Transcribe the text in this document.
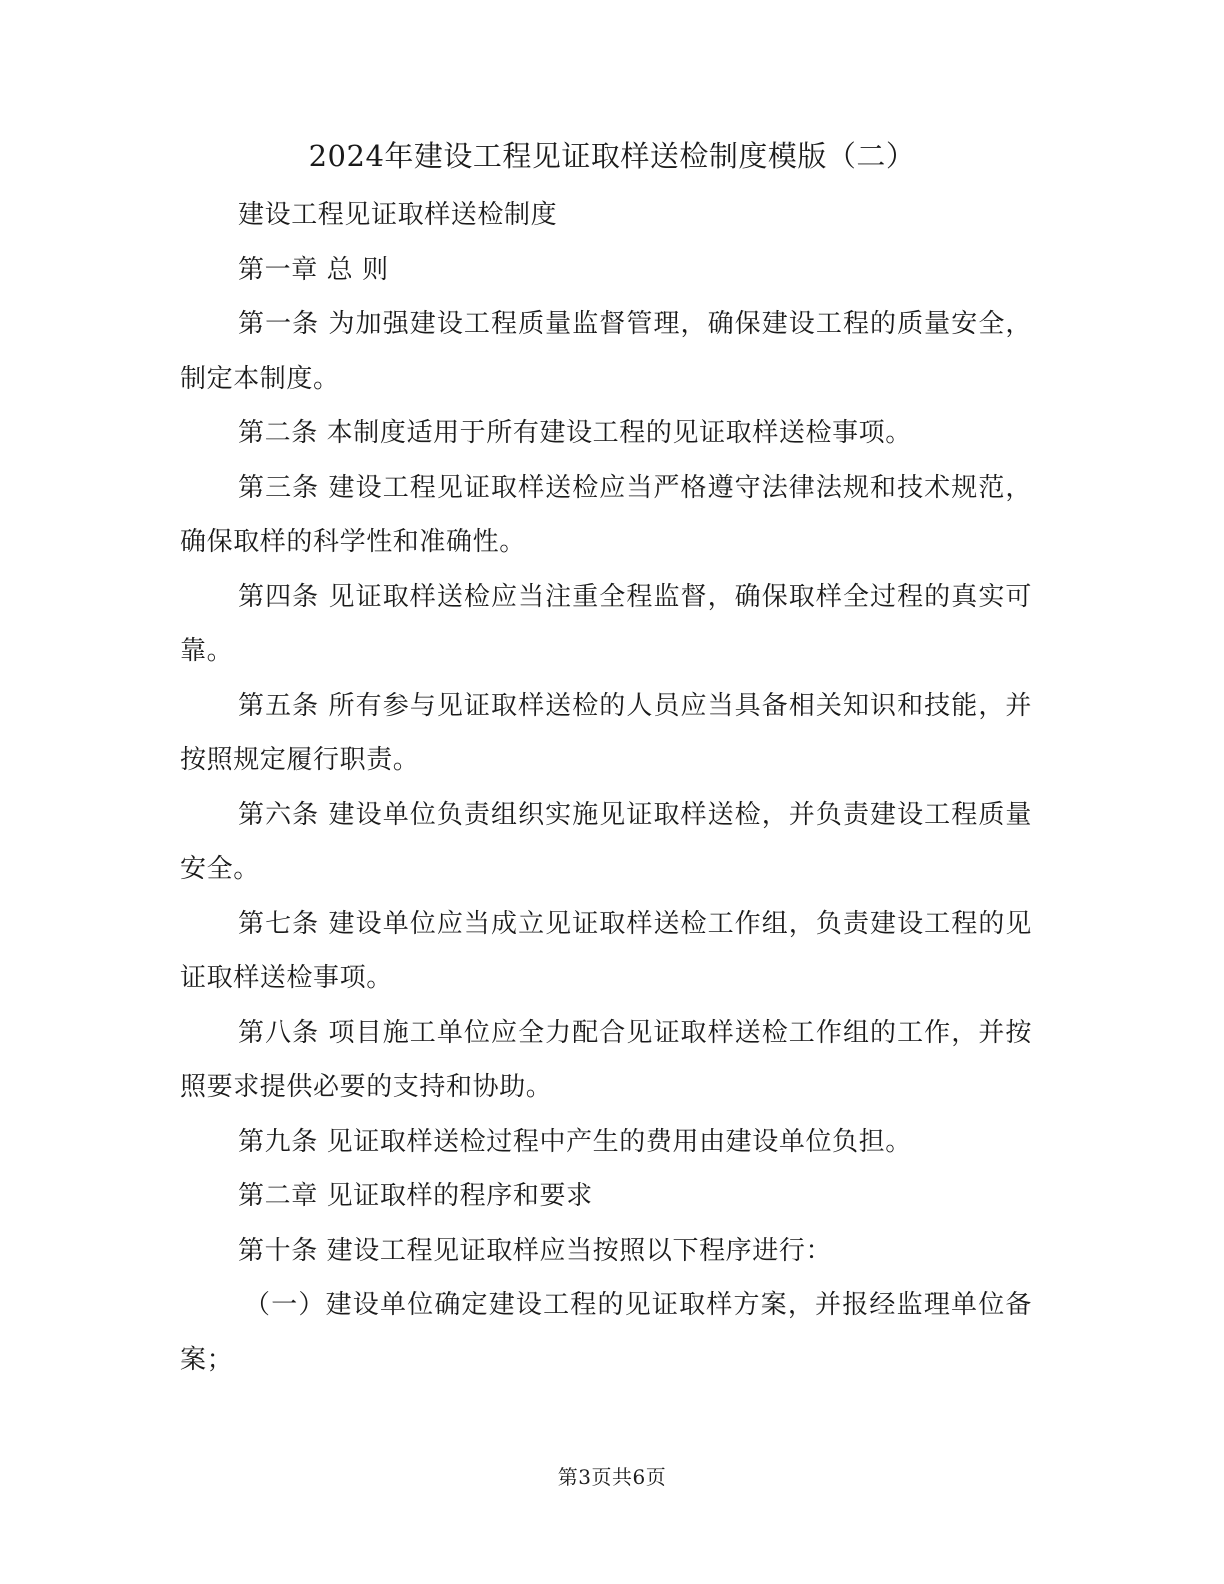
2024年建设工程见证取样送检制度模版（二）

建设工程见证取样送检制度

第一章 总 则

第一条 为加强建设工程质量监督管理，确保建设工程的质量安全，制定本制度。

第二条 本制度适用于所有建设工程的见证取样送检事项。

第三条 建设工程见证取样送检应当严格遵守法律法规和技术规范，确保取样的科学性和准确性。

第四条 见证取样送检应当注重全程监督，确保取样全过程的真实可靠。

第五条 所有参与见证取样送检的人员应当具备相关知识和技能，并按照规定履行职责。

第六条 建设单位负责组织实施见证取样送检，并负责建设工程质量安全。

第七条 建设单位应当成立见证取样送检工作组，负责建设工程的见证取样送检事项。

第八条 项目施工单位应全力配合见证取样送检工作组的工作，并按照要求提供必要的支持和协助。

第九条 见证取样送检过程中产生的费用由建设单位负担。

第二章 见证取样的程序和要求

第十条 建设工程见证取样应当按照以下程序进行：

（一）建设单位确定建设工程的见证取样方案，并报经监理单位备案；

第3页共6页
